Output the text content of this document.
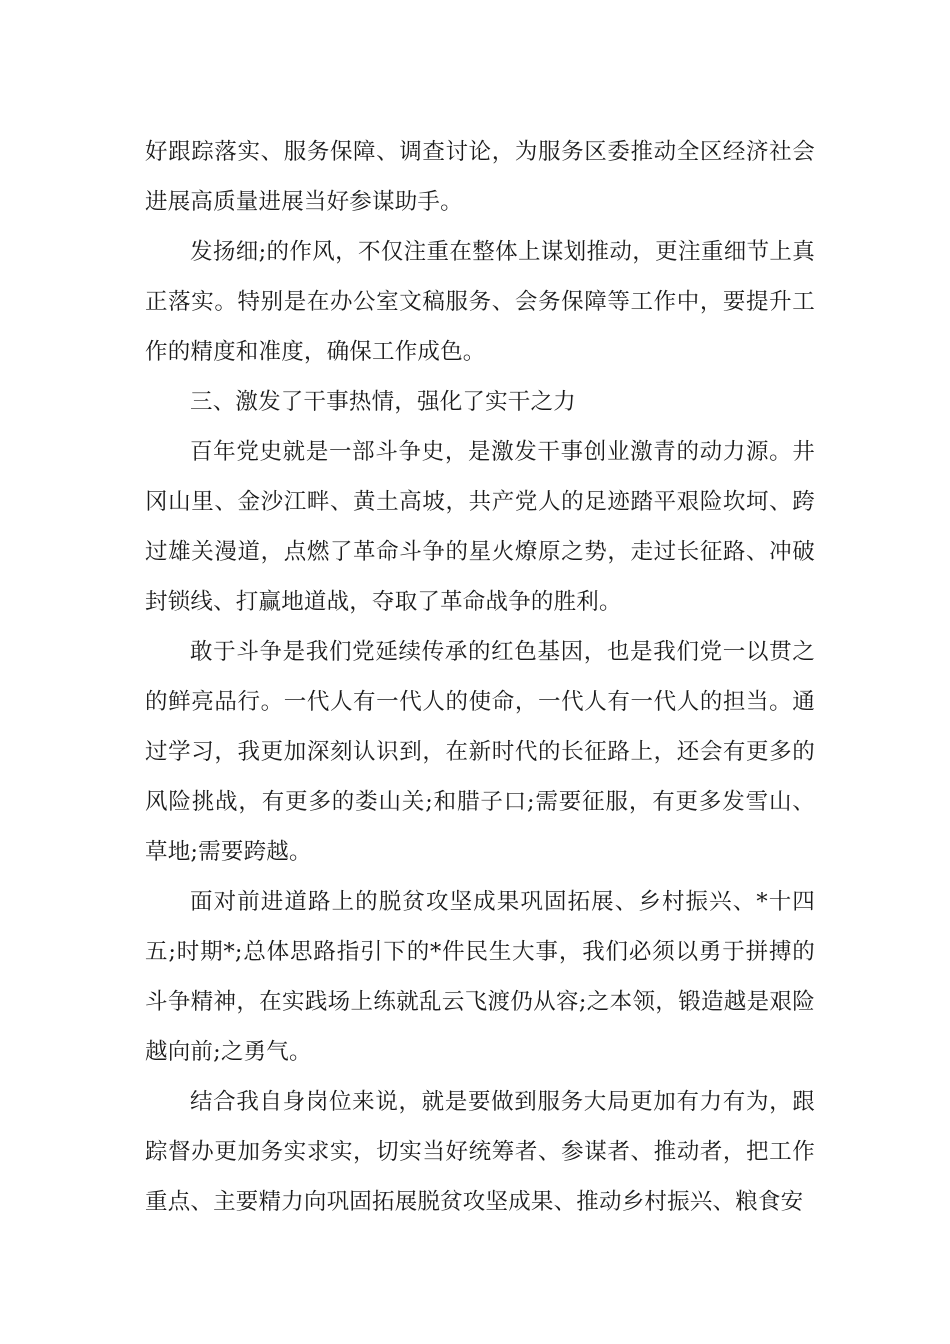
好跟踪落实、服务保障、调查讨论，为服务区委推动全区经济社会进展高质量进展当好参谋助手。

发扬细;的作风，不仅注重在整体上谋划推动，更注重细节上真正落实。特别是在办公室文稿服务、会务保障等工作中，要提升工作的精度和准度，确保工作成色。

三、激发了干事热情，强化了实干之力

百年党史就是一部斗争史，是激发干事创业激青的动力源。井冈山里、金沙江畔、黄土高坡，共产党人的足迹踏平艰险坎坷、跨过雄关漫道，点燃了革命斗争的星火燎原之势，走过长征路、冲破封锁线、打赢地道战，夺取了革命战争的胜利。

敢于斗争是我们党延续传承的红色基因，也是我们党一以贯之的鲜亮品行。一代人有一代人的使命，一代人有一代人的担当。通过学习，我更加深刻认识到，在新时代的长征路上，还会有更多的风险挑战，有更多的娄山关;和腊子口;需要征服，有更多发雪山、草地;需要跨越。

面对前进道路上的脱贫攻坚成果巩固拓展、乡村振兴、*十四五;时期*;总体思路指引下的*件民生大事，我们必须以勇于拼搏的斗争精神，在实践场上练就乱云飞渡仍从容;之本领，锻造越是艰险越向前;之勇气。

结合我自身岗位来说，就是要做到服务大局更加有力有为，跟踪督办更加务实求实，切实当好统筹者、参谋者、推动者，把工作重点、主要精力向巩固拓展脱贫攻坚成果、推动乡村振兴、粮食安
